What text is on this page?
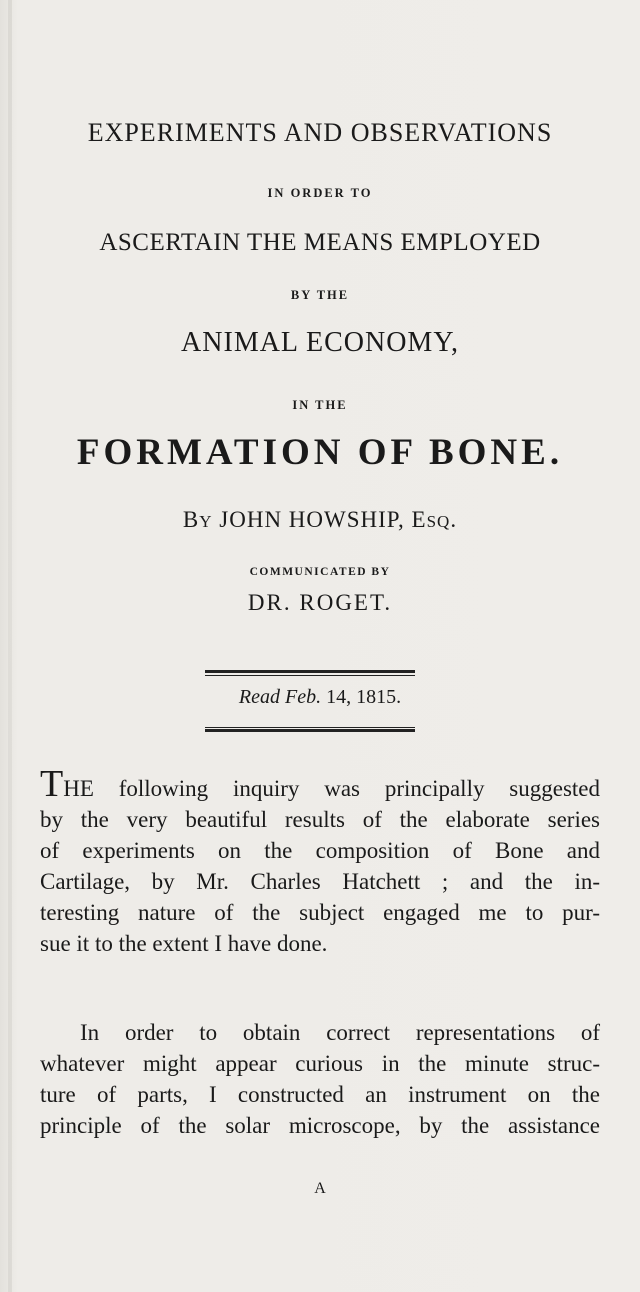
EXPERIMENTS AND OBSERVATIONS
IN ORDER TO
ASCERTAIN THE MEANS EMPLOYED
BY THE
ANIMAL ECONOMY,
IN THE
FORMATION OF BONE.
BY JOHN HOWSHIP, ESQ.
COMMUNICATED BY
DR. ROGET.
Read Feb. 14, 1815.
THE following inquiry was principally suggested
by the very beautiful results of the elaborate series
of experiments on the composition of Bone and
Cartilage, by Mr. Charles Hatchett ; and the in-
teresting nature of the subject engaged me to pur-
sue it to the extent I have done.
In order to obtain correct representations of
whatever might appear curious in the minute struc-
ture of parts, I constructed an instrument on the
principle of the solar microscope, by the assistance
A
